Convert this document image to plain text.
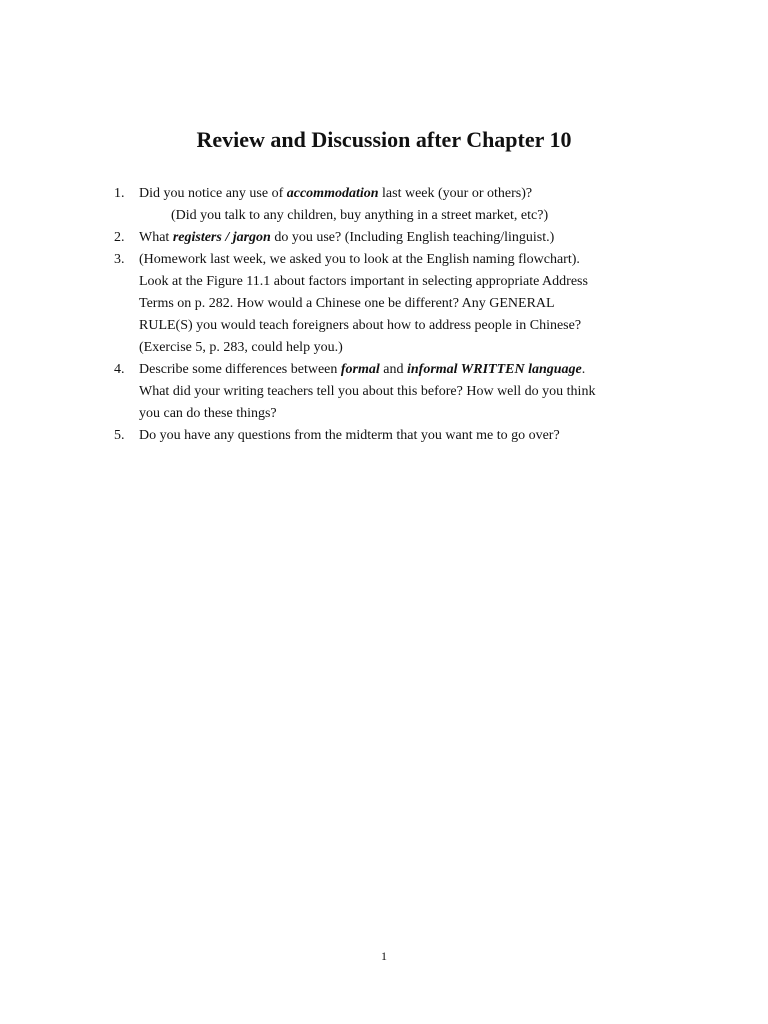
Review and Discussion after Chapter 10
1. Did you notice any use of accommodation last week (your or others)?
(Did you talk to any children, buy anything in a street market, etc?)
2. What registers / jargon do you use? (Including English teaching/linguist.)
3. (Homework last week, we asked you to look at the English naming flowchart).
Look at the Figure 11.1 about factors important in selecting appropriate Address
Terms on p. 282. How would a Chinese one be different? Any GENERAL
RULE(S) you would teach foreigners about how to address people in Chinese?
(Exercise 5, p. 283, could help you.)
4. Describe some differences between formal and informal WRITTEN language.
What did your writing teachers tell you about this before? How well do you think
you can do these things?
5. Do you have any questions from the midterm that you want me to go over?
1
